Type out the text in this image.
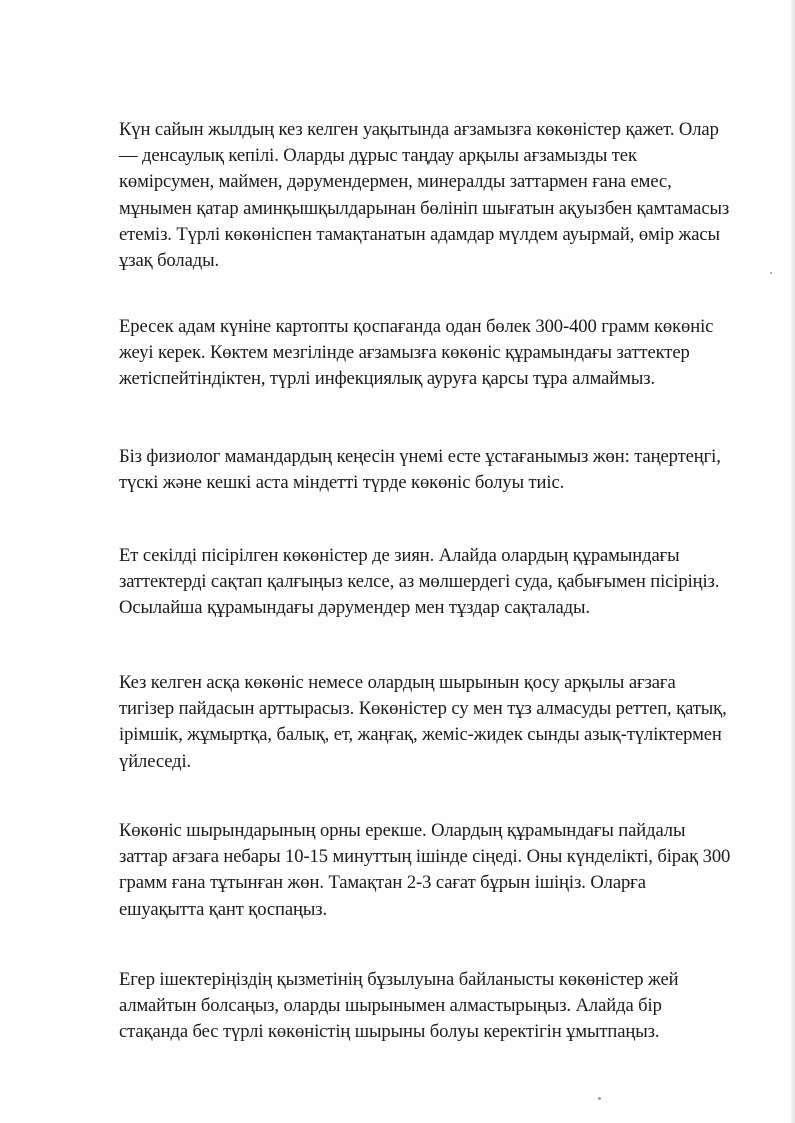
Күн сайын жылдың кез келген уақытында ағзамызға көкөністер қажет. Олар
— денсаулық кепілі. Оларды дұрыс таңдау арқылы ағзамызды тек
көмірсумен, маймен, дәрумендермен, минералды заттармен ғана емес,
мұнымен қатар аминқышқылдарынан бөлініп шығатын ақуызбен қамтамасыз
етеміз. Түрлі көкөніспен тамақтанатын адамдар мүлдем ауырмай, өмір жасы
ұзақ болады.

Ересек адам күніне картопты қоспағанда одан бөлек 300-400 грамм көкөніс
жеуі керек. Көктем мезгілінде ағзамызға көкөніс құрамындағы заттектер
жетіспейтіндіктен, түрлі инфекциялық ауруға қарсы тұра алмаймыз.

Біз физиолог мамандардың кеңесін үнемі есте ұстағанымыз жөн: таңертеңгі,
түскі және кешкі аста міндетті түрде көкөніс болуы тиіс.

Ет секілді пісірілген көкөністер де зиян. Алайда олардың құрамындағы
заттектерді сақтап қалғыңыз келсе, аз мөлшердегі суда, қабығымен пісіріңіз.
Осылайша құрамындағы дәрумендер мен тұздар сақталады.

Кез келген асқа көкөніс немесе олардың шырынын қосу арқылы ағзаға
тигізер пайдасын арттырасыз. Көкөністер су мен тұз алмасуды реттеп, қатық,
ірімшік, жұмыртқа, балық, ет, жаңғақ, жеміс-жидек сынды азық-түліктермен
үйлеседі.

Көкөніс шырындарының орны ерекше. Олардың құрамындағы пайдалы
заттар ағзаға небары 10-15 минуттың ішінде сіңеді. Оны күнделікті, бірақ 300
грамм ғана тұтынған жөн. Тамақтан 2-3 сағат бұрын ішіңіз. Оларға
ешуақытта қант қоспаңыз.

Егер ішектеріңіздің қызметінің бұзылуына байланысты көкөністер жей
алмайтын болсаңыз, оларды шырынымен алмастырыңыз. Алайда бір
стақанда бес түрлі көкөністің шырыны болуы керектігін ұмытпаңыз.
